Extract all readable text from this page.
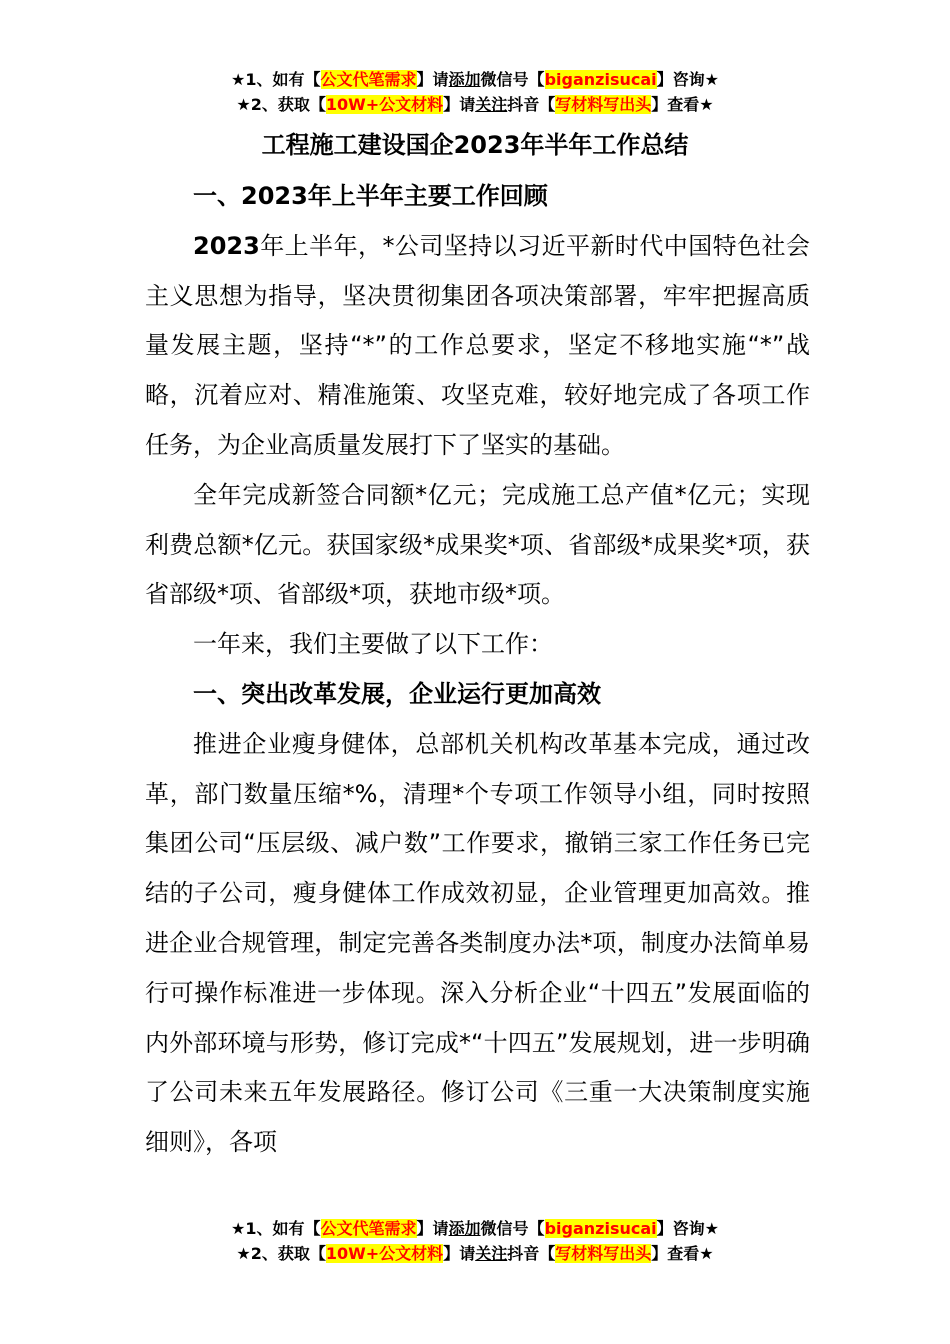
★1、如有【公文代笔需求】请添加微信号【biganzisucai】咨询★
★2、获取【10W+公文材料】请关注抖音【写材料写出头】查看★
工程施工建设国企2023年半年工作总结
一、2023年上半年主要工作回顾

2023年上半年，*公司坚持以习近平新时代中国特色社会主义思想为指导，坚决贯彻集团各项决策部署，牢牢把握高质量发展主题，坚持“*”的工作总要求，坚定不移地实施“*”战略，沉着应对、精准施策、攻坚克难，较好地完成了各项工作任务，为企业高质量发展打下了坚实的基础。

全年完成新签合同额*亿元；完成施工总产值*亿元；实现利费总额*亿元。获国家级*成果奖*项、省部级*成果奖*项，获省部级*项、省部级*项，获地市级*项。

一年来，我们主要做了以下工作：

一、突出改革发展，企业运行更加高效

推进企业瘦身健体，总部机关机构改革基本完成，通过改革，部门数量压缩*%，清理*个专项工作领导小组，同时按照集团公司“压层级、减户数”工作要求，撤销三家工作任务已完结的子公司，瘦身健体工作成效初显，企业管理更加高效。推进企业合规管理，制定完善各类制度办法*项，制度办法简单易行可操作标准进一步体现。深入分析企业“十四五”发展面临的内外部环境与形势，修订完成*“十四五”发展规划，进一步明确了公司未来五年发展路径。修订公司《三重一大决策制度实施细则》，各项

★1、如有【公文代笔需求】请添加微信号【biganzisucai】咨询★
★2、获取【10W+公文材料】请关注抖音【写材料写出头】查看★
